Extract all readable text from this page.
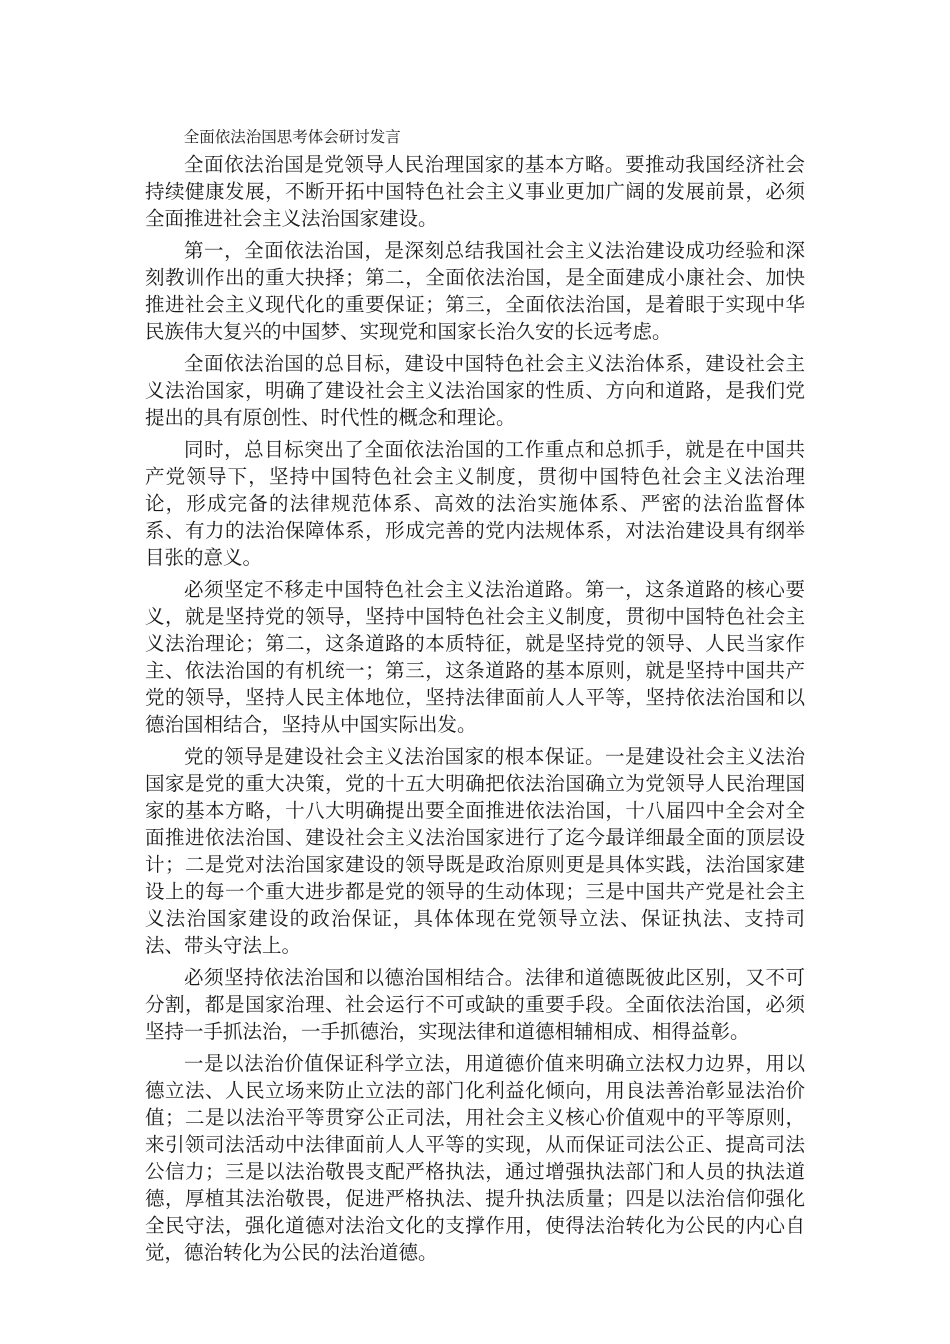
全面依法治国思考体会研讨发言

全面依法治国是党领导人民治理国家的基本方略。要推动我国经济社会持续健康发展，不断开拓中国特色社会主义事业更加广阔的发展前景，必须全面推进社会主义法治国家建设。

第一，全面依法治国，是深刻总结我国社会主义法治建设成功经验和深刻教训作出的重大抉择；第二，全面依法治国，是全面建成小康社会、加快推进社会主义现代化的重要保证；第三，全面依法治国，是着眼于实现中华民族伟大复兴的中国梦、实现党和国家长治久安的长远考虑。

全面依法治国的总目标，建设中国特色社会主义法治体系，建设社会主义法治国家，明确了建设社会主义法治国家的性质、方向和道路，是我们党提出的具有原创性、时代性的概念和理论。

同时，总目标突出了全面依法治国的工作重点和总抓手，就是在中国共产党领导下，坚持中国特色社会主义制度，贯彻中国特色社会主义法治理论，形成完备的法律规范体系、高效的法治实施体系、严密的法治监督体系、有力的法治保障体系，形成完善的党内法规体系，对法治建设具有纲举目张的意义。

必须坚定不移走中国特色社会主义法治道路。第一，这条道路的核心要义，就是坚持党的领导，坚持中国特色社会主义制度，贯彻中国特色社会主义法治理论；第二，这条道路的本质特征，就是坚持党的领导、人民当家作主、依法治国的有机统一；第三，这条道路的基本原则，就是坚持中国共产党的领导，坚持人民主体地位，坚持法律面前人人平等，坚持依法治国和以德治国相结合，坚持从中国实际出发。

党的领导是建设社会主义法治国家的根本保证。一是建设社会主义法治国家是党的重大决策，党的十五大明确把依法治国确立为党领导人民治理国家的基本方略，十八大明确提出要全面推进依法治国，十八届四中全会对全面推进依法治国、建设社会主义法治国家进行了迄今最详细最全面的顶层设计；二是党对法治国家建设的领导既是政治原则更是具体实践，法治国家建设上的每一个重大进步都是党的领导的生动体现；三是中国共产党是社会主义法治国家建设的政治保证，具体体现在党领导立法、保证执法、支持司法、带头守法上。

必须坚持依法治国和以德治国相结合。法律和道德既彼此区别，又不可分割，都是国家治理、社会运行不可或缺的重要手段。全面依法治国，必须坚持一手抓法治，一手抓德治，实现法律和道德相辅相成、相得益彰。

一是以法治价值保证科学立法，用道德价值来明确立法权力边界，用以德立法、人民立场来防止立法的部门化利益化倾向，用良法善治彰显法治价值；二是以法治平等贯穿公正司法，用社会主义核心价值观中的平等原则，来引领司法活动中法律面前人人平等的实现，从而保证司法公正、提高司法公信力；三是以法治敬畏支配严格执法，通过增强执法部门和人员的执法道德，厚植其法治敬畏，促进严格执法、提升执法质量；四是以法治信仰强化全民守法，强化道德对法治文化的支撑作用，使得法治转化为公民的内心自觉，德治转化为公民的法治道德。
